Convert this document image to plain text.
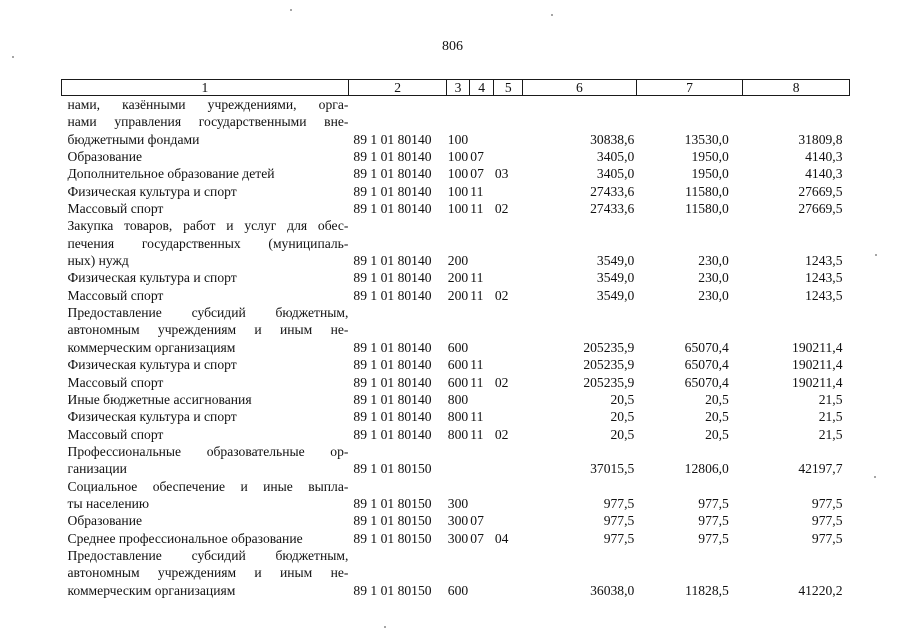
806
1	2	3	4	5	6	7	8
нами, казёнными учреждениями, орга-							
нами управления государственными вне-							
бюджетными фондами	89 1 01 80140	100			30838,6	13530,0	31809,8
Образование	89 1 01 80140	100	07		3405,0	1950,0	4140,3
Дополнительное образование детей	89 1 01 80140	100	07	03	3405,0	1950,0	4140,3
Физическая культура и спорт	89 1 01 80140	100	11		27433,6	11580,0	27669,5
Массовый спорт	89 1 01 80140	100	11	02	27433,6	11580,0	27669,5
Закупка товаров, работ и услуг для обес-							
печения государственных (муниципаль-							
ных) нужд	89 1 01 80140	200			3549,0	230,0	1243,5
Физическая культура и спорт	89 1 01 80140	200	11		3549,0	230,0	1243,5
Массовый спорт	89 1 01 80140	200	11	02	3549,0	230,0	1243,5
Предоставление субсидий бюджетным,							
автономным учреждениям и иным не-							
коммерческим организациям	89 1 01 80140	600			205235,9	65070,4	190211,4
Физическая культура и спорт	89 1 01 80140	600	11		205235,9	65070,4	190211,4
Массовый спорт	89 1 01 80140	600	11	02	205235,9	65070,4	190211,4
Иные бюджетные ассигнования	89 1 01 80140	800			20,5	20,5	21,5
Физическая культура и спорт	89 1 01 80140	800	11		20,5	20,5	21,5
Массовый спорт	89 1 01 80140	800	11	02	20,5	20,5	21,5
Профессиональные образовательные ор-							
ганизации	89 1 01 80150				37015,5	12806,0	42197,7
Социальное обеспечение и иные выпла-							
ты населению	89 1 01 80150	300			977,5	977,5	977,5
Образование	89 1 01 80150	300	07		977,5	977,5	977,5
Среднее профессиональное образование	89 1 01 80150	300	07	04	977,5	977,5	977,5
Предоставление субсидий бюджетным,							
автономным учреждениям и иным не-							
коммерческим организациям	89 1 01 80150	600			36038,0	11828,5	41220,2
